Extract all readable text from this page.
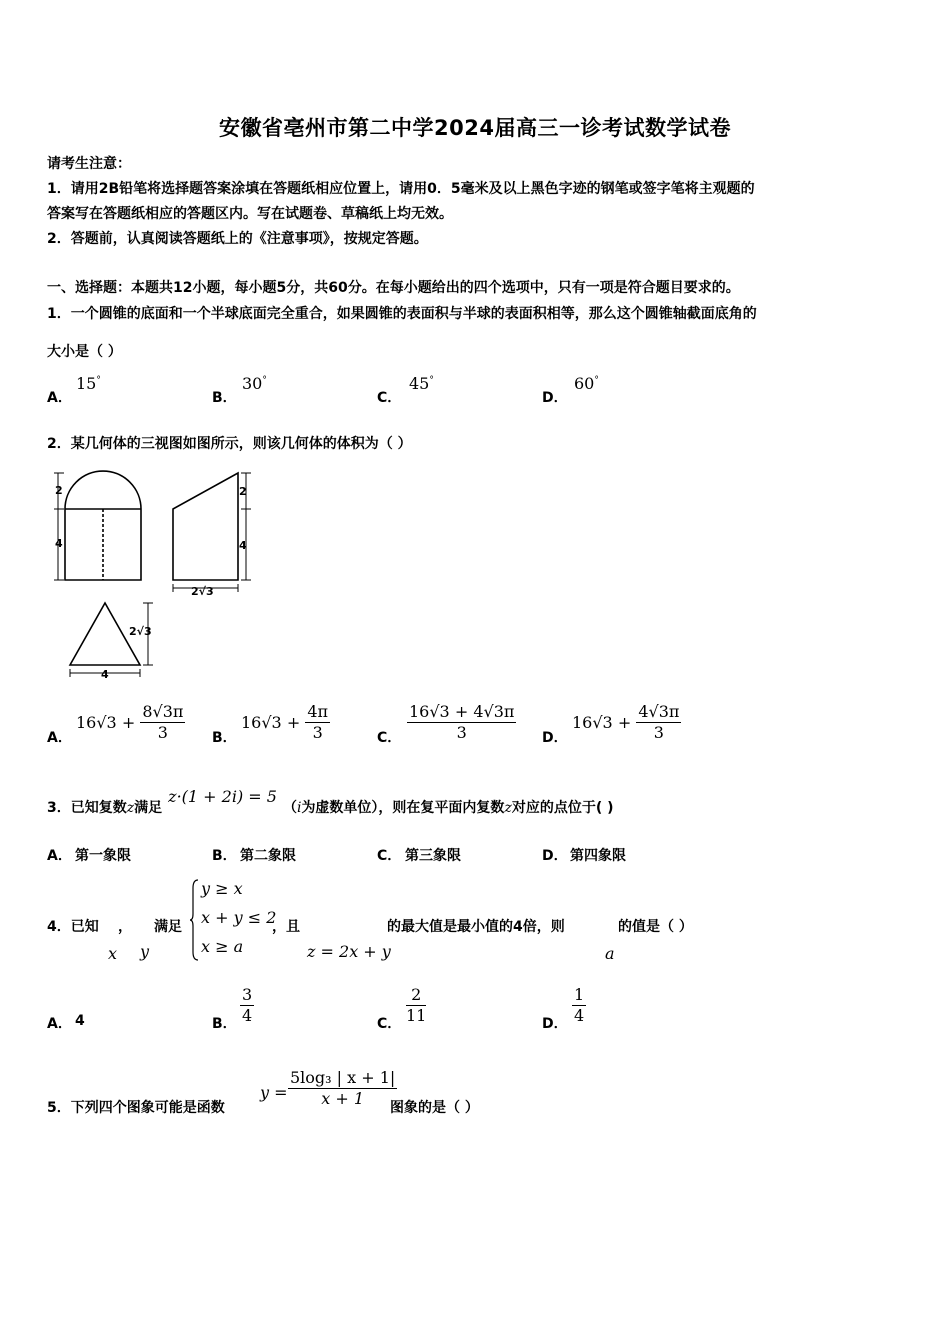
安徽省亳州市第二中学2024届高三一诊考试数学试卷
请考生注意：
1．请用2B铅笔将选择题答案涂填在答题纸相应位置上，请用0．5毫米及以上黑色字迹的钢笔或签字笔将主观题的
答案写在答题纸相应的答题区内。写在试题卷、草稿纸上均无效。
2．答题前，认真阅读答题纸上的《注意事项》，按规定答题。
一、选择题：本题共12小题，每小题5分，共60分。在每小题给出的四个选项中，只有一项是符合题目要求的。
1．一个圆锥的底面和一个半球底面完全重合，如果圆锥的表面积与半球的表面积相等，那么这个圆锥轴截面底角的
大小是（ ）
A．
15°
B．
30°
C．
45°
D．
60°
2．某几何体的三视图如图所示，则该几何体的体积为（ ）
2
4
2
4
2√3
2√3
4
A．
$16√3 + \frac{8√3\pi}{3}$ B．
$16√3 + \frac{4\pi}{3}$	C． $\frac{16√3 + 4√3\pi}{3}$ D．
$16√3 + \frac{4√3\pi}{3}$
3．已知复数z满足z·(1 + 2i) = 5（i为虚数单位），则在复平面内复数z对应的点位于( )
A． 第一象限	B． 第二象限	C． 第三象限	D． 第四象限
4．已知 ， 满足
x y
y ≥ x
x + y ≤ 2
x ≥ a
，且
z = 2x + y
的最大值是最小值的4倍，则	的值是（ ）
a
A． 4	B． $\frac{3}{4}$	C． $\frac{2}{11}$	D． $\frac{1}{4}$
5．下列四个图象可能是函数
$y = \frac{\text{5log₃ | x + 1|}}{x + 1}$
图象的是（ ）
